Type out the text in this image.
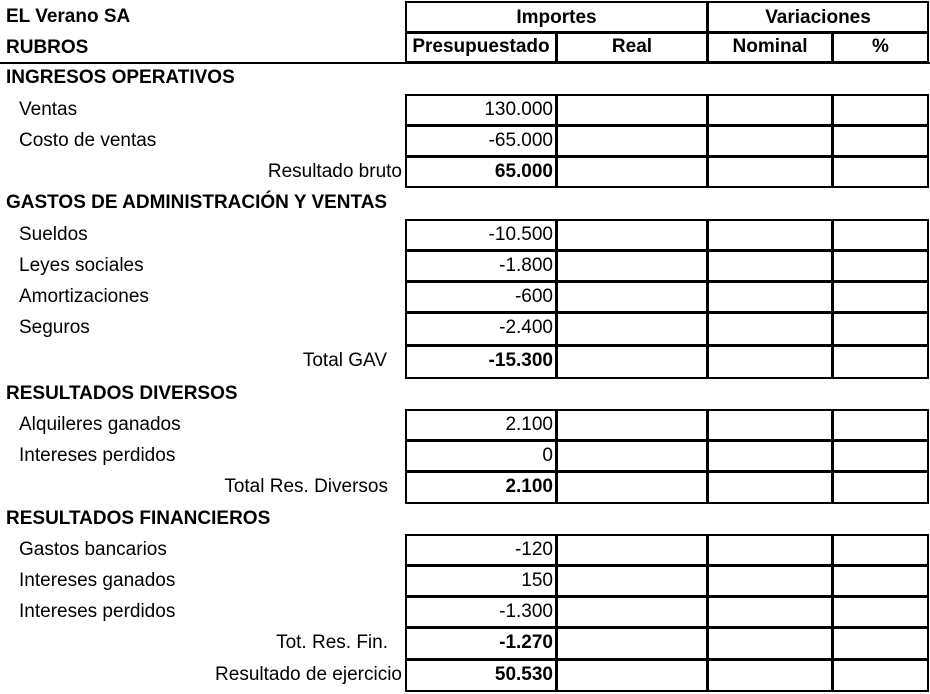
EL Verano SA
RUBROS
Importes	Variaciones
Presupuestado	Real	Nominal	%
INGRESOS OPERATIVOS
Ventas	130.000
Costo de ventas	-65.000
Resultado bruto	65.000
GASTOS DE ADMINISTRACIÓN Y VENTAS
Sueldos	-10.500
Leyes sociales	-1.800
Amortizaciones	-600
Seguros	-2.400
Total GAV	-15.300
RESULTADOS DIVERSOS
Alquileres ganados	2.100
Intereses perdidos	0
Total Res. Diversos	2.100
RESULTADOS FINANCIEROS
Gastos bancarios	-120
Intereses ganados	150
Intereses perdidos	-1.300
Tot. Res. Fin.	-1.270
Resultado de ejercicio	50.530
